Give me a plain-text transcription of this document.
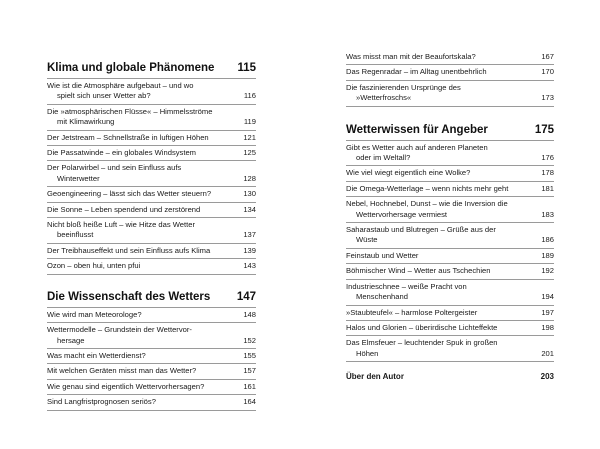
Klima und globale Phänomene 115
Wie ist die Atmosphäre aufgebaut – und wo
spielt sich unser Wetter ab?	116
Die »atmosphärischen Flüsse« – Himmelsströme
mit Klimawirkung	119
Der Jetstream – Schnellstraße in luftigen Höhen	121
Die Passatwinde – ein globales Windsystem	125
Der Polarwirbel – und sein Einfluss aufs
Winterwetter	128
Geoengineering – lässt sich das Wetter steuern?	130
Die Sonne – Leben spendend und zerstörend	134
Nicht bloß heiße Luft – wie Hitze das Wetter
beeinflusst	137
Der Treibhauseffekt und sein Einfluss aufs Klima	139
Ozon – oben hui, unten pfui	143
Die Wissenschaft des Wetters 147
Wie wird man Meteorologe?	148
Wettermodelle – Grundstein der Wettervor-
hersage	152
Was macht ein Wetterdienst?	155
Mit welchen Geräten misst man das Wetter?	157
Wie genau sind eigentlich Wettervorhersagen?	161
Sind Langfristprognosen seriös?	164
Was misst man mit der Beaufortskala?	167
Das Regenradar – im Alltag unentbehrlich	170
Die faszinierenden Ursprünge des
»Wetterfroschs«	173
Wetterwissen für Angeber	175
Gibt es Wetter auch auf anderen Planeten
oder im Weltall?	176
Wie viel wiegt eigentlich eine Wolke?	178
Die Omega-Wetterlage – wenn nichts mehr geht	181
Nebel, Hochnebel, Dunst – wie die Inversion die
Wettervorhersage vermiest	183
Saharastaub und Blutregen – Grüße aus der
Wüste	186
Feinstaub und Wetter	189
Böhmischer Wind – Wetter aus Tschechien	192
Industrieschnee – weiße Pracht von
Menschenhand	194
»Staubteufel« – harmlose Poltergeister	197
Halos und Glorien – überirdische Lichteffekte	198
Das Elmsfeuer – leuchtender Spuk in großen
Höhen	201
Über den Autor	203
